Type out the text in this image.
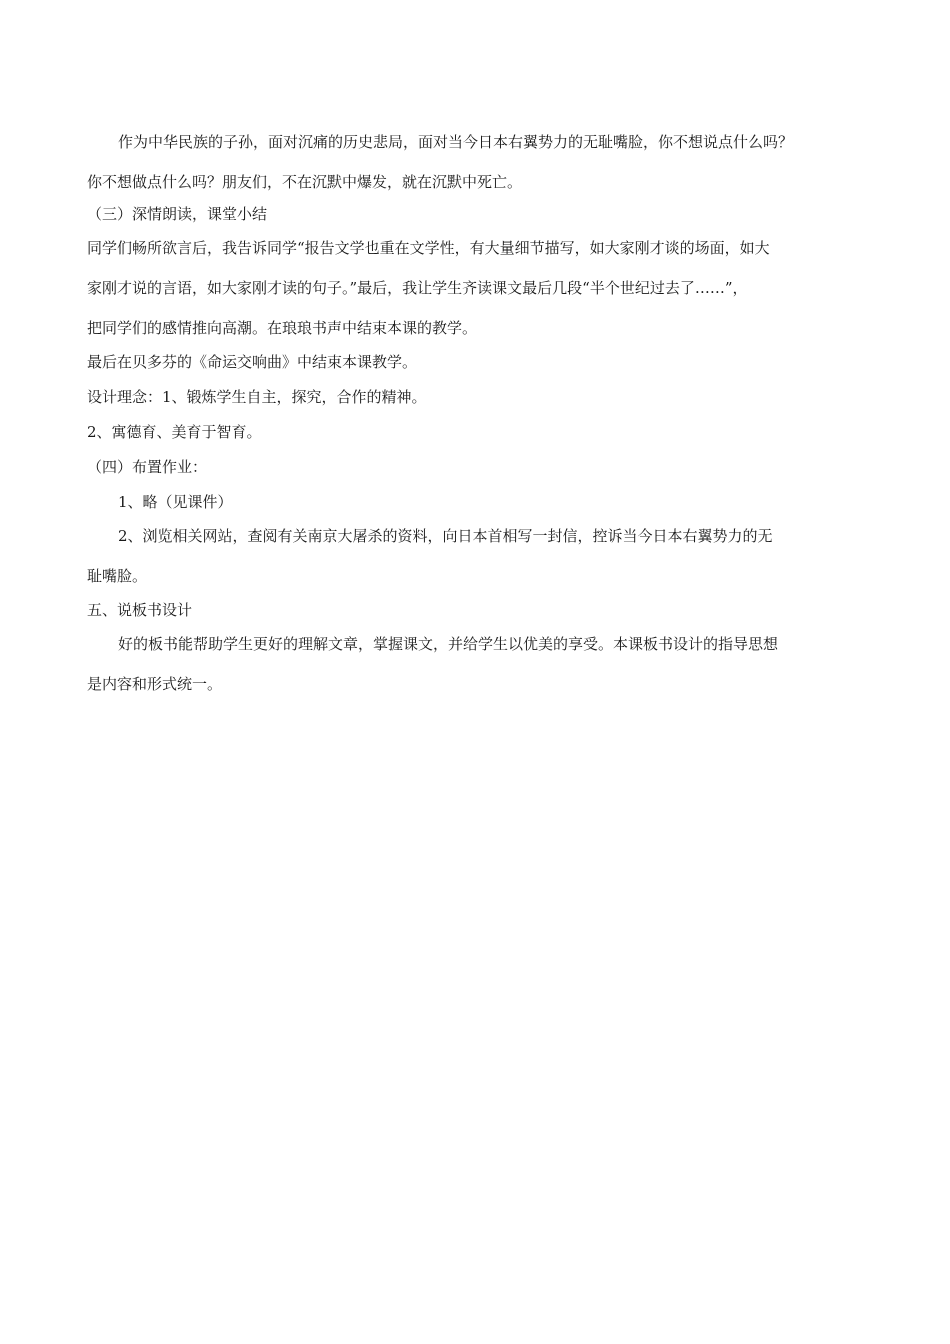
作为中华民族的子孙，面对沉痛的历史悲局，面对当今日本右翼势力的无耻嘴脸，你不想说点什么吗？

你不想做点什么吗？朋友们，不在沉默中爆发，就在沉默中死亡。

（三）深情朗读，课堂小结

同学们畅所欲言后，我告诉同学“报告文学也重在文学性，有大量细节描写，如大家刚才谈的场面，如大

家刚才说的言语，如大家刚才读的句子。”最后，我让学生齐读课文最后几段“半个世纪过去了……”，

把同学们的感情推向高潮。在琅琅书声中结束本课的教学。

最后在贝多芬的《命运交响曲》中结束本课教学。

设计理念：1、锻炼学生自主，探究，合作的精神。

2、寓德育、美育于智育。

（四）布置作业：

1、略（见课件）

2、浏览相关网站，查阅有关南京大屠杀的资料，向日本首相写一封信，控诉当今日本右翼势力的无

耻嘴脸。

五、说板书设计

好的板书能帮助学生更好的理解文章，掌握课文，并给学生以优美的享受。本课板书设计的指导思想

是内容和形式统一。
